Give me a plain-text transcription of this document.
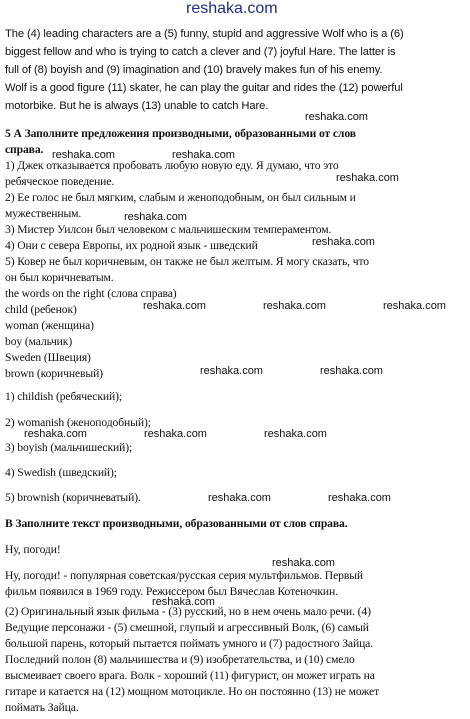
reshaka.com
The (4) leading characters are a (5) funny, stupid and aggressive Wolf who is a (6)
biggest fellow and who is trying to catch a clever and (7) joyful Hare. The latter is
full of (8) boyish and (9) imagination and (10) bravely makes fun of his enemy.
Wolf is a good figure (11) skater, he can play the guitar and rides the (12) powerful
motorbike. But he is always (13) unable to catch Hare.
reshaka.com
5 А Заполните предложения производными, образованными от слов
справа. reshaka.com	reshaka.com
1) Джек отказывается пробовать любую новую еду. Я думаю, что это
ребяческое поведение.	reshaka.com
2) Ее голос не был мягким, слабым и женоподобным, он был сильным и
мужественным.	reshaka.com
3) Мистер Уилсон был человеком с мальчишеским темпераментом.
4) Они с севера Европы, их родной язык - шведский	reshaka.com
5) Ковер не был коричневым, он также не был желтым. Я могу сказать, что
он был коричневатым.
the words on the right (слова справа)
child (ребенок)	reshaka.com	reshaka.com	reshaka.com
woman (женщина)
boy (мальчик)
Sweden (Швеция)
brown (коричневый)	reshaka.com	reshaka.com
1) childish (ребяческий);
2) womanish (женоподобный);
reshaka.com	reshaka.com	reshaka.com
3) boyish (мальчишеский);
4) Swedish (шведский);
5) brownish (коричневатый).	reshaka.com	reshaka.com
В Заполните текст производными, образованными от слов справа.
Ну, погоди!
reshaka.com
Ну, погоди! - популярная советская/русская серия мультфильмов. Первый
фильм появился в 1969 году. Режиссером был Вячеслав Котеночкин.
reshaka.com
(2) Оригинальный язык фильма - (3) русский, но в нем очень мало речи. (4)
Ведущие персонажи - (5) смешной, глупый и агрессивный Волк, (6) самый
большой парень, который пытается поймать умного и (7) радостного Зайца.
Последний полон (8) мальчишества и (9) изобретательства, и (10) смело
высмеивает своего врага. Волк - хороший (11) фигурист, он может играть на
гитаре и катается на (12) мощном мотоцикле. Но он постоянно (13) не может
поймать Зайца.
